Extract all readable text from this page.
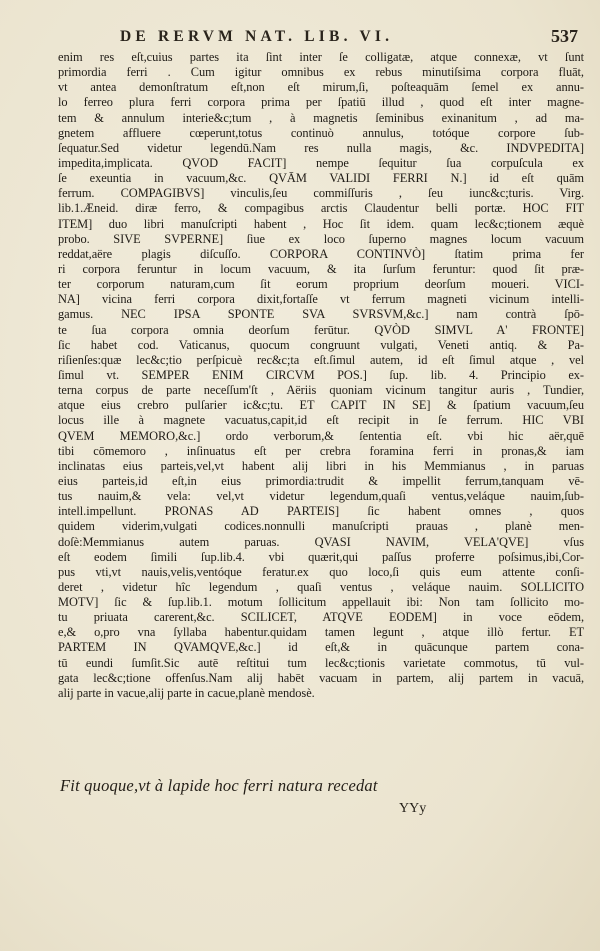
DE RERVM NAT. LIB. VI.	537
enim res eſt,cuius partes ita ſint inter ſe colligatæ, atque connexæ, vt ſunt
primordia ferri . Cum igitur omnibus ex rebus minutiſsima corpora fluāt,
vt antea demonſtratum eſt,non eſt mirum,ſi, poſteaquām ſemel ex annu-
lo ferreo plura ferri corpora prima per ſpatiū illud , quod eſt inter magne-
tem & annulum interie&c;tum , à magnetis ſeminibus exinanitum , ad ma-
gnetem affluere cœperunt,totus continuò annulus, totóque corpore ſub-
ſequatur.Sed videtur legendū.Nam res nulla magis, &c. INDVPEDITA]
impedita,implicata. QVOD FACIT] nempe ſequitur ſua corpuſcula ex
ſe exeuntia in vacuum,&c. QVĀM VALIDI FERRI N.] id eſt quām
ferrum. COMPAGIBVS] vinculis,ſeu commiſſuris , ſeu iunc&c;turis. Virg.
lib.1.Æneid. diræ ferro, & compagibus arctis Claudentur belli portæ. HOC FIT
ITEM] duo libri manuſcripti habent , Hoc ſit idem. quam lec&c;tionem æquè
probo. SIVE SVPERNE] ſiue ex loco ſuperno magnes locum vacuum
reddat,aëre plagis diſcuſſo. CORPORA CONTINVÒ] ſtatim prima fer
ri corpora feruntur in locum vacuum, & ita ſurſum feruntur: quod ſit præ-
ter corporum naturam,cum ſit eorum proprium deorſum moueri. VICI-
NA] vicina ferri corpora dixit,fortaſſe vt ferrum magneti vicinum intelli-
gamus. NEC IPSA SPONTE SVA SVRSVM,&c.] nam contrà ſpō-
te ſua corpora omnia deorſum ferūtur. QVÒD SIMVL A' FRONTE]
ſic habet cod. Vaticanus, quocum congruunt vulgati, Veneti antiq. & Pa-
riſienſes:quæ lec&c;tio perſpicuè rec&c;ta eſt.ſimul autem, id eſt ſimul atque , vel
ſimul vt. SEMPER ENIM CIRCVM POS.] ſup. lib. 4. Principio ex-
terna corpus de parte neceſſum'ſt , Aëriis quoniam vicinum tangitur auris , Tundier,
atque eius crebro pulſarier ic&c;tu. ET CAPIT IN SE] & ſpatium vacuum,ſeu
locus ille à magnete vacuatus,capit,id eſt recipit in ſe ferrum. HIC VBI
QVEM MEMORO,&c.] ordo verborum,& ſententia eſt. vbi hic aër,quē
tibi cōmemoro , inſinuatus eſt per crebra foramina ferri in pronas,& iam
inclinatas eius parteis,vel,vt habent alij libri in his Memmianus , in paruas
eius parteis,id eſt,in eius primordia:trudit & impellit ferrum,tanquam vē-
tus nauim,& vela: vel,vt videtur legendum,quaſi ventus,veláque nauim,ſub-
intell.impellunt. PRONAS AD PARTEIS] ſic habent omnes , quos
quidem viderim,vulgati codices.nonnulli manuſcripti prauas , planè men-
doſè:Memmianus autem paruas. QVASI NAVIM, VELA'QVE] vſus
eſt eodem ſimili ſup.lib.4. vbi quærit,qui paſſus proferre poſsimus,ibi,Cor-
pus vti,vt nauis,velis,ventóque feratur.ex quo loco,ſi quis eum attente conſi-
deret , videtur hîc legendum , quaſi ventus , veláque nauim. SOLLICITO
MOTV] ſic & ſup.lib.1. motum ſollicitum appellauit ibi: Non tam ſollicito mo-
tu priuata carerent,&c. SCILICET, ATQVE EODEM] in voce eōdem,
e,& o,pro vna ſyllaba habentur.quidam tamen legunt , atque illò fertur. ET
PARTEM IN QVAMQVE,&c.] id eſt,& in quācunque partem cona-
tū eundi ſumſit.Sic autē reſtitui tum lec&c;tionis varietate commotus, tū vul-
gata lec&c;tione offenſus.Nam alij habēt vacuam in partem, alij partem in vacuā,
alij parte in vacue,alij parte in cacue,planè mendosè.
Fit quoque,vt à lapide hoc ferri natura recedat
YYy
